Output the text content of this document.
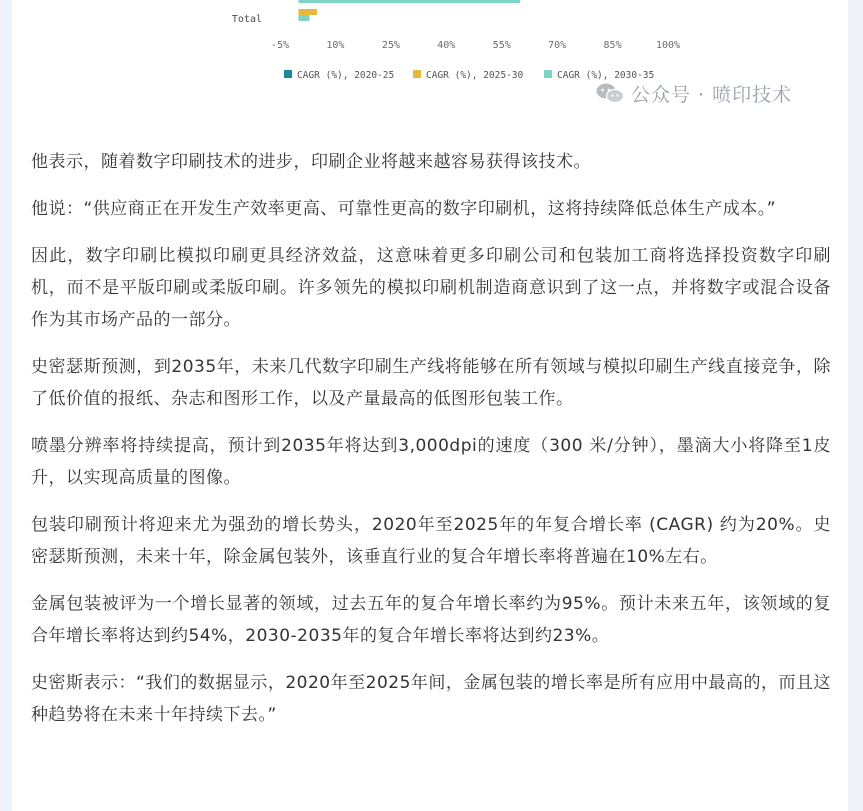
Total
-5%	10%	25%	40%	55%	70%	85%	100%
CAGR (%), 2020-25	CAGR (%), 2025-30	CAGR (%), 2030-35
公众号 · 喷印技术

他表示，随着数字印刷技术的进步，印刷企业将越来越容易获得该技术。

他说：“供应商正在开发生产效率更高、可靠性更高的数字印刷机，这将持续降低总体生产成本。”

因此，数字印刷比模拟印刷更具经济效益，这意味着更多印刷公司和包装加工商将选择投资数字印刷机，而不是平版印刷或柔版印刷。许多领先的模拟印刷机制造商意识到了这一点，并将数字或混合设备作为其市场产品的一部分。

史密瑟斯预测，到2035年，未来几代数字印刷生产线将能够在所有领域与模拟印刷生产线直接竞争，除了低价值的报纸、杂志和图形工作，以及产量最高的低图形包装工作。

喷墨分辨率将持续提高，预计到2035年将达到3,000dpi的速度（300 米/分钟），墨滴大小将降至1皮升，以实现高质量的图像。

包装印刷预计将迎来尤为强劲的增长势头，2020年至2025年的年复合增长率 (CAGR) 约为20%。史密瑟斯预测，未来十年，除金属包装外，该垂直行业的复合年增长率将普遍在10%左右。

金属包装被评为一个增长显著的领域，过去五年的复合年增长率约为95%。预计未来五年，该领域的复合年增长率将达到约54%，2030-2035年的复合年增长率将达到约23%。

史密斯表示：“我们的数据显示，2020年至2025年间，金属包装的增长率是所有应用中最高的，而且这种趋势将在未来十年持续下去。”
